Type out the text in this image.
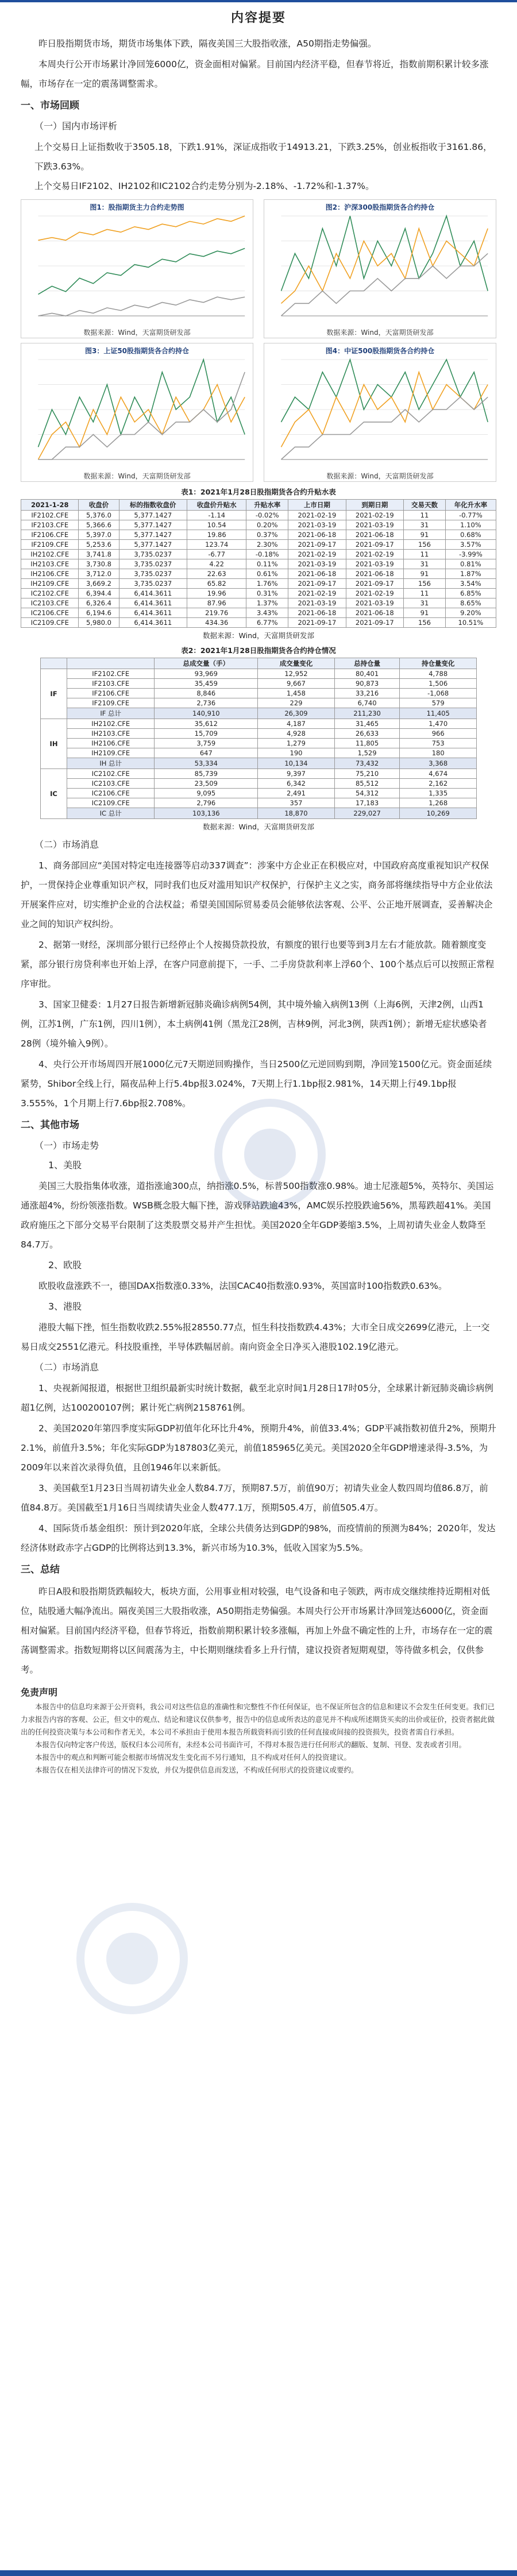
内容提要

昨日股指期货市场，期货市场集体下跌，隔夜美国三大股指收涨，A50期指走势偏强。

本周央行公开市场累计净回笼6000亿，资金面相对偏紧。目前国内经济平稳，但春节将近，指数前期积累计较多涨幅，市场存在一定的震荡调整需求。

一、市场回顾
（一）国内市场评析
上个交易日上证指数收于3505.18，下跌1.91%，深证成指收于14913.21，下跌3.25%，创业板指收于3161.86，下跌3.63%。
上个交易日IF2102、IH2102和IC2102合约走势分别为-2.18%、-1.72%和-1.37%。
图1：股指期货主力合约走势图
数据来源：Wind，天富期货研发部
图2：沪深300股指期货各合约持仓
数据来源：Wind，天富期货研发部
图3：上证50股指期货各合约持仓
数据来源：Wind，天富期货研发部
图4：中证500股指期货各合约持仓
数据来源：Wind，天富期货研发部
表1：2021年1月28日股指期货各合约升贴水表
2021-1-28	收盘价	标的指数收盘价	收盘价升贴水	升贴水率	上市日期	到期日期	交易天数	年化升水率
IF2102.CFE	5,376.0	5,377.1427	-1.14	-0.02%	2021-02-19	2021-02-19	11	-0.77%
IF2103.CFE	5,366.6	5,377.1427	10.54	0.20%	2021-03-19	2021-03-19	31	1.10%
IF2106.CFE	5,397.0	5,377.1427	19.86	0.37%	2021-06-18	2021-06-18	91	0.68%
IF2109.CFE	5,253.6	5,377.1427	123.74	2.30%	2021-09-17	2021-09-17	156	3.57%
IH2102.CFE	3,741.8	3,735.0237	-6.77	-0.18%	2021-02-19	2021-02-19	11	-3.99%
IH2103.CFE	3,730.8	3,735.0237	4.22	0.11%	2021-03-19	2021-03-19	31	0.81%
IH2106.CFE	3,712.0	3,735.0237	22.63	0.61%	2021-06-18	2021-06-18	91	1.87%
IH2109.CFE	3,669.2	3,735.0237	65.82	1.76%	2021-09-17	2021-09-17	156	3.54%
IC2102.CFE	6,394.4	6,414.3611	19.96	0.31%	2021-02-19	2021-02-19	11	6.85%
IC2103.CFE	6,326.4	6,414.3611	87.96	1.37%	2021-03-19	2021-03-19	31	8.65%
IC2106.CFE	6,194.6	6,414.3611	219.76	3.43%	2021-06-18	2021-06-18	91	9.20%
IC2109.CFE	5,980.0	6,414.3611	434.36	6.77%	2021-09-17	2021-09-17	156	10.51%
数据来源：Wind，天富期货研发部
表2：2021年1月28日股指期货各合约持仓情况
		总成交量（手）	成交量变化	总持仓量	持仓量变化
IF	IF2102.CFE	93,969	12,952	80,401	4,788
	IF2103.CFE	35,459	9,667	90,873	1,506
	IF2106.CFE	8,846	1,458	33,216	-1,068
	IF2109.CFE	2,736	229	6,740	579
	IF 总计	140,910	26,309	211,230	11,405
IH	IH2102.CFE	35,612	4,187	31,465	1,470
	IH2103.CFE	15,709	4,928	26,633	966
	IH2106.CFE	3,759	1,279	11,805	753
	IH2109.CFE	647	190	1,529	180
	IH 总计	53,334	10,134	73,432	3,368
IC	IC2102.CFE	85,739	9,397	75,210	4,674
	IC2103.CFE	23,509	6,342	85,512	2,162
	IC2106.CFE	9,095	2,491	54,312	1,335
	IC2109.CFE	2,796	357	17,183	1,268
	IC 总计	103,136	18,870	229,027	10,269
数据来源：Wind，天富期货研发部
（二）市场消息

1、商务部回应“美国对特定电连接器等启动337调查”：涉案中方企业正在积极应对，中国政府高度重视知识产权保护，一贯保持企业尊重知识产权，同时我们也反对滥用知识产权保护，行保护主义之实，商务部将继续指导中方企业依法开展案件应对，切实维护企业的合法权益；希望美国国际贸易委员会能够依法客观、公平、公正地开展调查，妥善解决企业之间的知识产权纠纷。

2、据第一财经，深圳部分银行已经停止个人按揭贷款投放，有额度的银行也要等到3月左右才能放款。随着额度变紧，部分银行房贷利率也开始上浮，在客户同意前提下，一手、二手房贷款利率上浮60个、100个基点后可以按照正常程序审批。

3、国家卫健委：1月27日报告新增新冠肺炎确诊病例54例，其中境外输入病例13例（上海6例，天津2例，山西1例，江苏1例，广东1例，四川1例），本土病例41例（黑龙江28例，吉林9例，河北3例，陕西1例）；新增无症状感染者28例（境外输入9例）。

4、央行公开市场周四开展1000亿元7天期逆回购操作，当日2500亿元逆回购到期，净回笼1500亿元。资金面延续紧势，Shibor全线上行，隔夜品种上行5.4bp报3.024%，7天期上行1.1bp报2.981%，14天期上行49.1bp报3.555%，1个月期上行7.6bp报2.708%。

二、其他市场
（一）市场走势
1、美股

美国三大股指集体收涨，道指涨逾300点，纳指涨0.5%，标普500指数涨0.98%。迪士尼涨超5%，英特尔、美国运通涨超4%，纷纷领涨指数。WSB概念股大幅下挫，游戏驿站跌逾43%，AMC娱乐控股跌逾56%，黑莓跌超41%。美国政府施压之下部分交易平台限制了这类股票交易并产生担忧。美国2020全年GDP萎缩3.5%，上周初请失业金人数降至84.7万。

2、欧股

欧股收盘涨跌不一，德国DAX指数涨0.33%，法国CAC40指数涨0.93%，英国富时100指数跌0.63%。

3、港股

港股大幅下挫，恒生指数收跌2.55%报28550.77点，恒生科技指数跌4.43%；大市全日成交2699亿港元，上一交易日成交2551亿港元。科技股重挫，半导体跌幅居前。南向资金全日净买入港股102.19亿港元。

（二）市场消息

1、央视新闻报道，根据世卫组织最新实时统计数据，截至北京时间1月28日17时05分，全球累计新冠肺炎确诊病例超1亿例，达100200107例；累计死亡病例2158761例。

2、美国2020年第四季度实际GDP初值年化环比升4%，预期升4%，前值33.4%；GDP平减指数初值升2%，预期升2.1%，前值升3.5%；年化实际GDP为187803亿美元，前值185965亿美元。美国2020全年GDP增速录得-3.5%，为2009年以来首次录得负值，且创1946年以来新低。

3、美国截至1月23日当周初请失业金人数84.7万，预期87.5万，前值90万；初请失业金人数四周均值86.8万，前值84.8万。美国截至1月16日当周续请失业金人数477.1万，预期505.4万，前值505.4万。

4、国际货币基金组织：预计到2020年底，全球公共债务达到GDP的98%，而疫情前的预测为84%；2020年，发达经济体财政赤字占GDP的比例将达到13.3%，新兴市场为10.3%，低收入国家为5.5%。

三、总结

昨日A股和股指期货跌幅较大，板块方面，公用事业相对较强，电气设备和电子领跌，两市成交继续维持近期相对低位，陆股通大幅净流出。隔夜美国三大股指收涨，A50期指走势偏强。本周央行公开市场累计净回笼达6000亿，资金面相对偏紧。目前国内经济平稳，但春节将近，指数前期积累计较多涨幅，再加上外盘不确定性的上升，市场存在一定的震荡调整需求。指数短期将以区间震荡为主，中长期则继续看多上升行情，建议投资者短期观望，等待做多机会，仅供参考。

免责声明

本报告中的信息均来源于公开资料，我公司对这些信息的准确性和完整性不作任何保证，也不保证所包含的信息和建议不会发生任何变更。我们已力求报告内容的客观、公正，但文中的观点、结论和建议仅供参考，报告中的信息或所表达的意见并不构成所述期货买卖的出价或征价，投资者据此做出的任何投资决策与本公司和作者无关，本公司不承担由于使用本报告所载资料而引致的任何直接或间接的投资损失，投资者需自行承担。

本报告仅向特定客户传送，版权归本公司所有，未经本公司书面许可，不得对本报告进行任何形式的翻版、复制、刊登、发表或者引用。

本报告中的观点和判断可能会根据市场情况发生变化而不另行通知，且不构成对任何人的投资建议。

本报告仅在相关法律许可的情况下发放，并仅为提供信息而发送，不构成任何形式的投资建议或要约。
